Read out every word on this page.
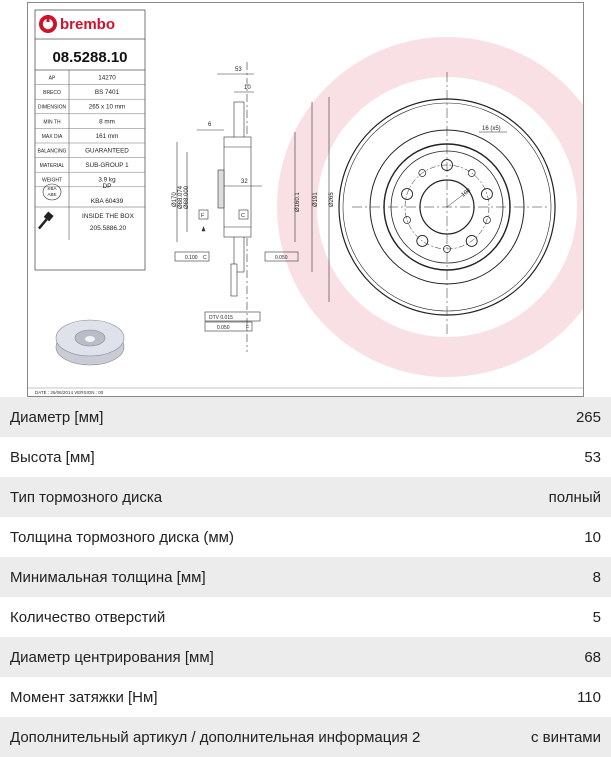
DATE : 26/06/2014 VERSION : 00
brembo
08.5288.10
AP	14270
BRECO	BS 7401
DIMENSION	265 x 10 mm
MIN TH	8 mm
MAX DIA	161 mm
BALANCING	GUARANTEED
MATERIAL	SUB-GROUP 1
WEIGHT	3.9 kg
KBA
ABE
DP
KBA 60439
INSIDE THE BOX
205.5886.20
53
10
6
32
Ø170 Ø68.074 Ø68.000	Ø160.1 Ø191 Ø265
F	C
0.100 C	0.050
DTV 0.015
0.050	F
16 (x5)
108
Диаметр [мм]	265
Высота [мм]	53
Тип тормозного диска	полный
Толщина тормозного диска (мм)	10
Минимальная толщина [мм]	8
Количество отверстий	5
Диаметр центрирования [мм]	68
Момент затяжки [Нм]	110
Дополнительный артикул / дополнительная информация 2	с винтами
